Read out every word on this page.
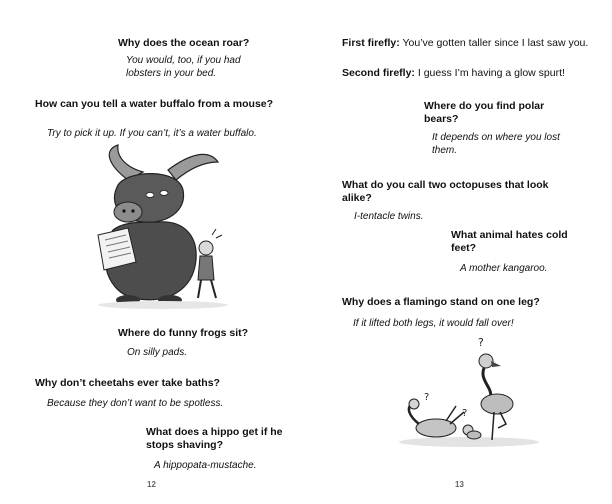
Why does the ocean roar?

You would, too, if you had lobsters in your bed.

How can you tell a water buffalo from a mouse?

Try to pick it up. If you can’t, it’s a water buffalo.

Where do funny frogs sit?

On silly pads.

Why don’t cheetahs ever take baths?

Because they don’t want to be spotless.

What does a hippo get if he stops shaving?

A hippopata-mustache.

12

First firefly: You’ve gotten taller since I last saw you.

Second firefly: I guess I’m having a glow spurt!

Where do you find polar bears?

It depends on where you lost them.

What do you call two octopuses that look alike?

I-tentacle twins.

What animal hates cold feet?

A mother kangaroo.

Why does a flamingo stand on one leg?

If it lifted both legs, it would fall over!

?
?
?
13
